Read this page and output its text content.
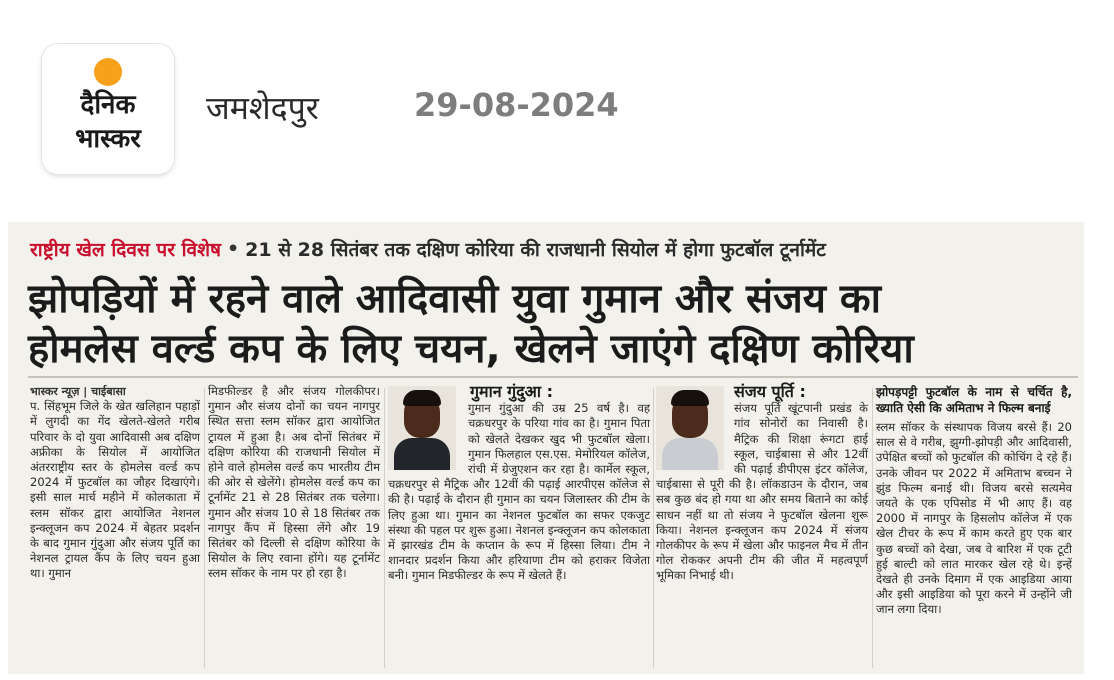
दैनिक
भास्कर
जमशेदपुर	29-08-2024
राष्ट्रीय खेल दिवस पर विशेष • 21 से 28 सितंबर तक दक्षिण कोरिया की राजधानी सियोल में होगा फुटबॉल टूर्नामेंट
झोपड़ियों में रहने वाले आदिवासी युवा गुमान और संजय का
होमलेस वर्ल्ड कप के लिए चयन, खेलने जाएंगे दक्षिण कोरिया
भास्कर न्यूज़ | चाईबासा

प. सिंहभूम जिले के खेत खलिहान पहाड़ों में लुगदी का गेंद खेलते-खेलते गरीब परिवार के दो युवा आदिवासी अब दक्षिण अफ्रीका के सियोल में आयोजित अंतरराष्ट्रीय स्तर के होमलेस वर्ल्ड कप 2024 में फुटबॉल का जौहर दिखाएंगे। इसी साल मार्च महीने में कोलकाता में स्लम सॉकर द्वारा आयोजित नेशनल इन्क्लूजन कप 2024 में बेहतर प्रदर्शन के बाद गुमान गुंदुआ और संजय पूर्ति का नेशनल ट्रायल कैंप के लिए चयन हुआ था। गुमान

मिडफील्डर है और संजय गोलकीपर। गुमान और संजय दोनों का चयन नागपुर स्थित सत्ता स्लम सॉकर द्वारा आयोजित ट्रायल में हुआ है। अब दोनों सितंबर में दक्षिण कोरिया की राजधानी सियोल में होने वाले होमलेस वर्ल्ड कप भारतीय टीम की ओर से खेलेंगे। होमलेस वर्ल्ड कप का टूर्नामेंट 21 से 28 सितंबर तक चलेगा। गुमान और संजय 10 से 18 सितंबर तक नागपुर कैंप में हिस्सा लेंगे और 19 सितंबर को दिल्ली से दक्षिण कोरिया के सियोल के लिए रवाना होंगे। यह टूर्नामेंट स्लम सॉकर के नाम पर हो रहा है।

गुमान गुंदुआ :

गुमान गुंदुआ की उम्र 25 वर्ष है। वह चक्रधरपुर के परिया गांव का है। गुमान पिता को खेलते देखकर खुद भी फुटबॉल खेला। गुमान फिलहाल एस.एस. मेमोरियल कॉलेज, रांची में ग्रेजुएशन कर रहा है। कार्मेल स्कूल, चक्रधरपुर से मैट्रिक और 12वीं की पढ़ाई आरपीएस कॉलेज से की है। पढ़ाई के दौरान ही गुमान का चयन जिलास्तर की टीम के लिए हुआ था। गुमान का नेशनल फुटबॉल का सफर एकजुट संस्था की पहल पर शुरू हुआ। नेशनल इन्क्लूजन कप कोलकाता में झारखंड टीम के कप्तान के रूप में हिस्सा लिया। टीम ने शानदार प्रदर्शन किया और हरियाणा टीम को हराकर विजेता बनी। गुमान मिडफील्डर के रूप में खेलते हैं।

संजय पूर्ति :

संजय पूर्ति खूंटपानी प्रखंड के गांव सोनोरों का निवासी है। मैट्रिक की शिक्षा रूंगटा हाई स्कूल, चाईबासा से और 12वीं की पढ़ाई डीपीएस इंटर कॉलेज, चाईबासा से पूरी की है। लॉकडाउन के दौरान, जब सब कुछ बंद हो गया था और समय बिताने का कोई साधन नहीं था तो संजय ने फुटबॉल खेलना शुरू किया। नेशनल इन्क्लूजन कप 2024 में संजय गोलकीपर के रूप में खेला और फाइनल मैच में तीन गोल रोककर अपनी टीम की जीत में महत्वपूर्ण भूमिका निभाई थी।

झोपड़पट्टी फुटबॉल के नाम से चर्चित है, ख्याति ऐसी कि अमिताभ ने फिल्म बनाई

स्लम सॉकर के संस्थापक विजय बरसे हैं। 20 साल से वे गरीब, झुग्गी-झोपड़ी और आदिवासी, उपेक्षित बच्चों को फुटबॉल की कोचिंग दे रहे हैं। उनके जीवन पर 2022 में अमिताभ बच्चन ने झुंड फिल्म बनाई थी। विजय बरसे सत्यमेव जयते के एक एपिसोड में भी आए हैं। वह 2000 में नागपुर के हिसलोप कॉलेज में एक खेल टीचर के रूप में काम करते हुए एक बार कुछ बच्चों को देखा, जब वे बारिश में एक टूटी हुई बाल्टी को लात मारकर खेल रहे थे। इन्हें देखते ही उनके दिमाग में एक आइडिया आया और इसी आइडिया को पूरा करने में उन्होंने जी जान लगा दिया।
